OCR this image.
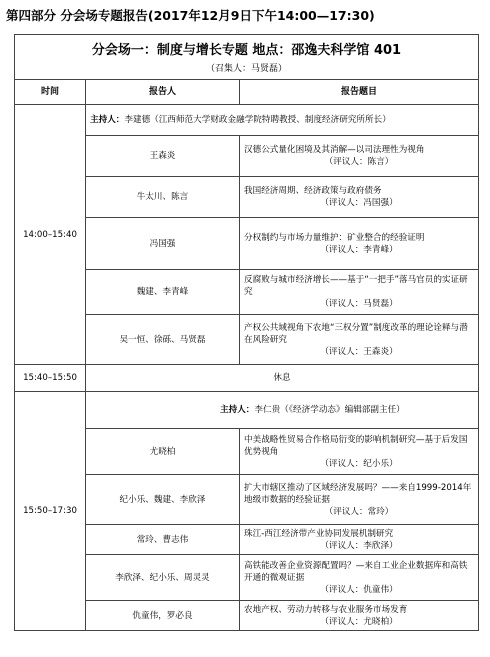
第四部分 分会场专题报告(2017年12月9日下午14:00—17:30)
分会场一：制度与增长专题 地点：邵逸夫科学馆 401
（召集人：马贤磊）		

时间	报告人	报告题目
14:00–15:40	主持人：李建德（江西师范大学财政金融学院特聘教授、制度经济研究所所长）	
	王森炎	汉德公式量化困境及其消解—以司法理性为视角
（评议人：陈言）

	牛太川、陈言	我国经济周期、经济政策与政府债务
（评议人：冯国强）

	冯国强	分权制约与市场力量维护：矿业整合的经验证明
（评议人：李青峰）

	魏建、李青峰	反腐败与城市经济增长——基于“一把手”落马官员的实证研究
（评议人：马贤磊）

	吴一恒、徐砾、马贤磊	产权公共域视角下农地“三权分置”制度改革的理论诠释与潜在风险研究
（评议人：王森炎）

15:40–15:50	休息	
15:50–17:30	主持人：李仁贵（《经济学动态》编辑部副主任）	
	尤晓柏	中美战略性贸易合作格局衍变的影响机制研究—基于后发国优势视角
（评议人：纪小乐）

	纪小乐、魏建、李欣泽	扩大市辖区推动了区域经济发展吗？——来自1999-2014年地级市数据的经验证据
（评议人：常玲）

	常玲、曹志伟	珠江-西江经济带产业协同发展机制研究
（评议人：李欣泽）

	李欣泽、纪小乐、周灵灵	高铁能改善企业资源配置吗？—来自工业企业数据库和高铁开通的微观证据
（评议人：仇童伟）

	仇童伟，罗必良	农地产权、劳动力转移与农业服务市场发育
（评议人：尤晓柏）
